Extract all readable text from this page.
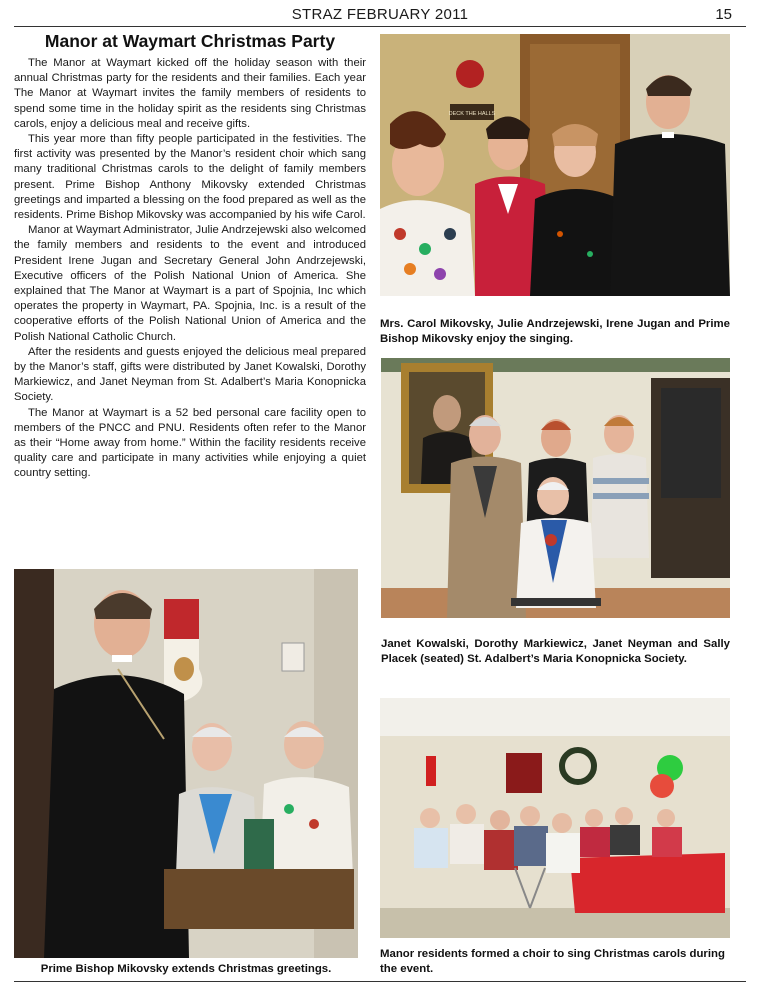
STRAZ FEBRUARY 2011	15
Manor at Waymart Christmas Party

The Manor at Waymart kicked off the holiday season with their annual Christmas party for the residents and their families. Each year The Manor at Waymart invites the family members of residents to spend some time in the holiday spirit as the residents sing Christmas carols, enjoy a delicious meal and receive gifts.

This year more than fifty people participated in the festivities. The first activity was presented by the Manor’s resident choir which sang many traditional Christmas carols to the delight of family members present. Prime Bishop Anthony Mikovsky extended Christmas greetings and imparted a blessing on the food prepared as well as the residents. Prime Bishop Mikovsky was accompanied by his wife Carol.

Manor at Waymart Administrator, Julie Andrzejewski also welcomed the family members and residents to the event and introduced President Irene Jugan and Secretary General John Andrzejewski, Executive officers of the Polish National Union of America. She explained that The Manor at Waymart is a part of Spojnia, Inc which operates the property in Waymart, PA. Spojnia, Inc. is a result of the cooperative efforts of the Polish National Union of America and the Polish National Catholic Church.

After the residents and guests enjoyed the delicious meal prepared by the Manor’s staff, gifts were distributed by Janet Kowalski, Dorothy Markiewicz, and Janet Neyman from St. Adalbert’s Maria Konopnicka Society.

The Manor at Waymart is a 52 bed personal care facility open to members of the PNCC and PNU. Residents often refer to the Manor as their “Home away from home.” Within the facility residents receive quality care and participate in many activities while enjoying a quiet country setting.

DECK THE HALLS
Mrs. Carol Mikovsky, Julie Andrzejewski, Irene Jugan and Prime Bishop Mikovsky enjoy the singing.
Janet Kowalski, Dorothy Markiewicz, Janet Neyman and Sally Placek (seated) St. Adalbert’s Maria Konopnicka Society.
Prime Bishop Mikovsky extends Christmas greetings.
Manor residents formed a choir to sing Christmas carols during the event.
